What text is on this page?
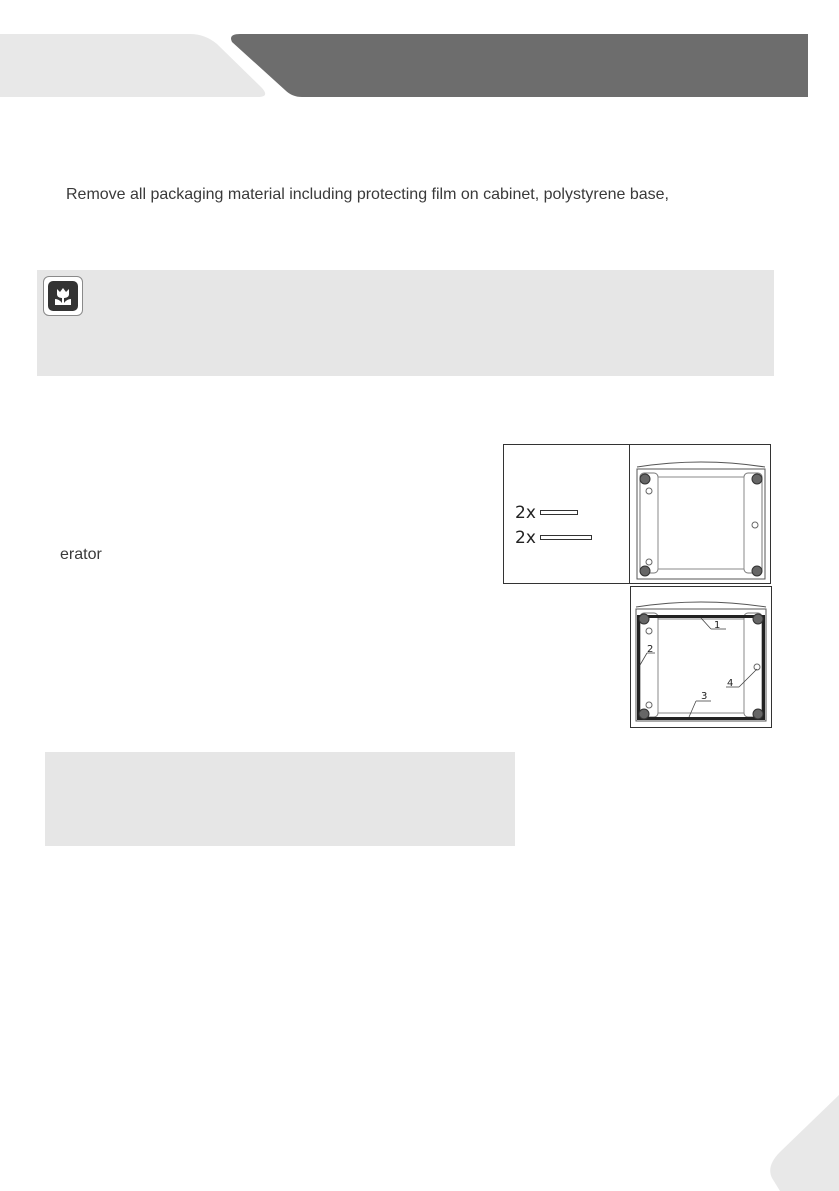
Remove all packaging material including protecting film on cabinet, polystyrene base,
erator
2x
2x
1
2
3
4
